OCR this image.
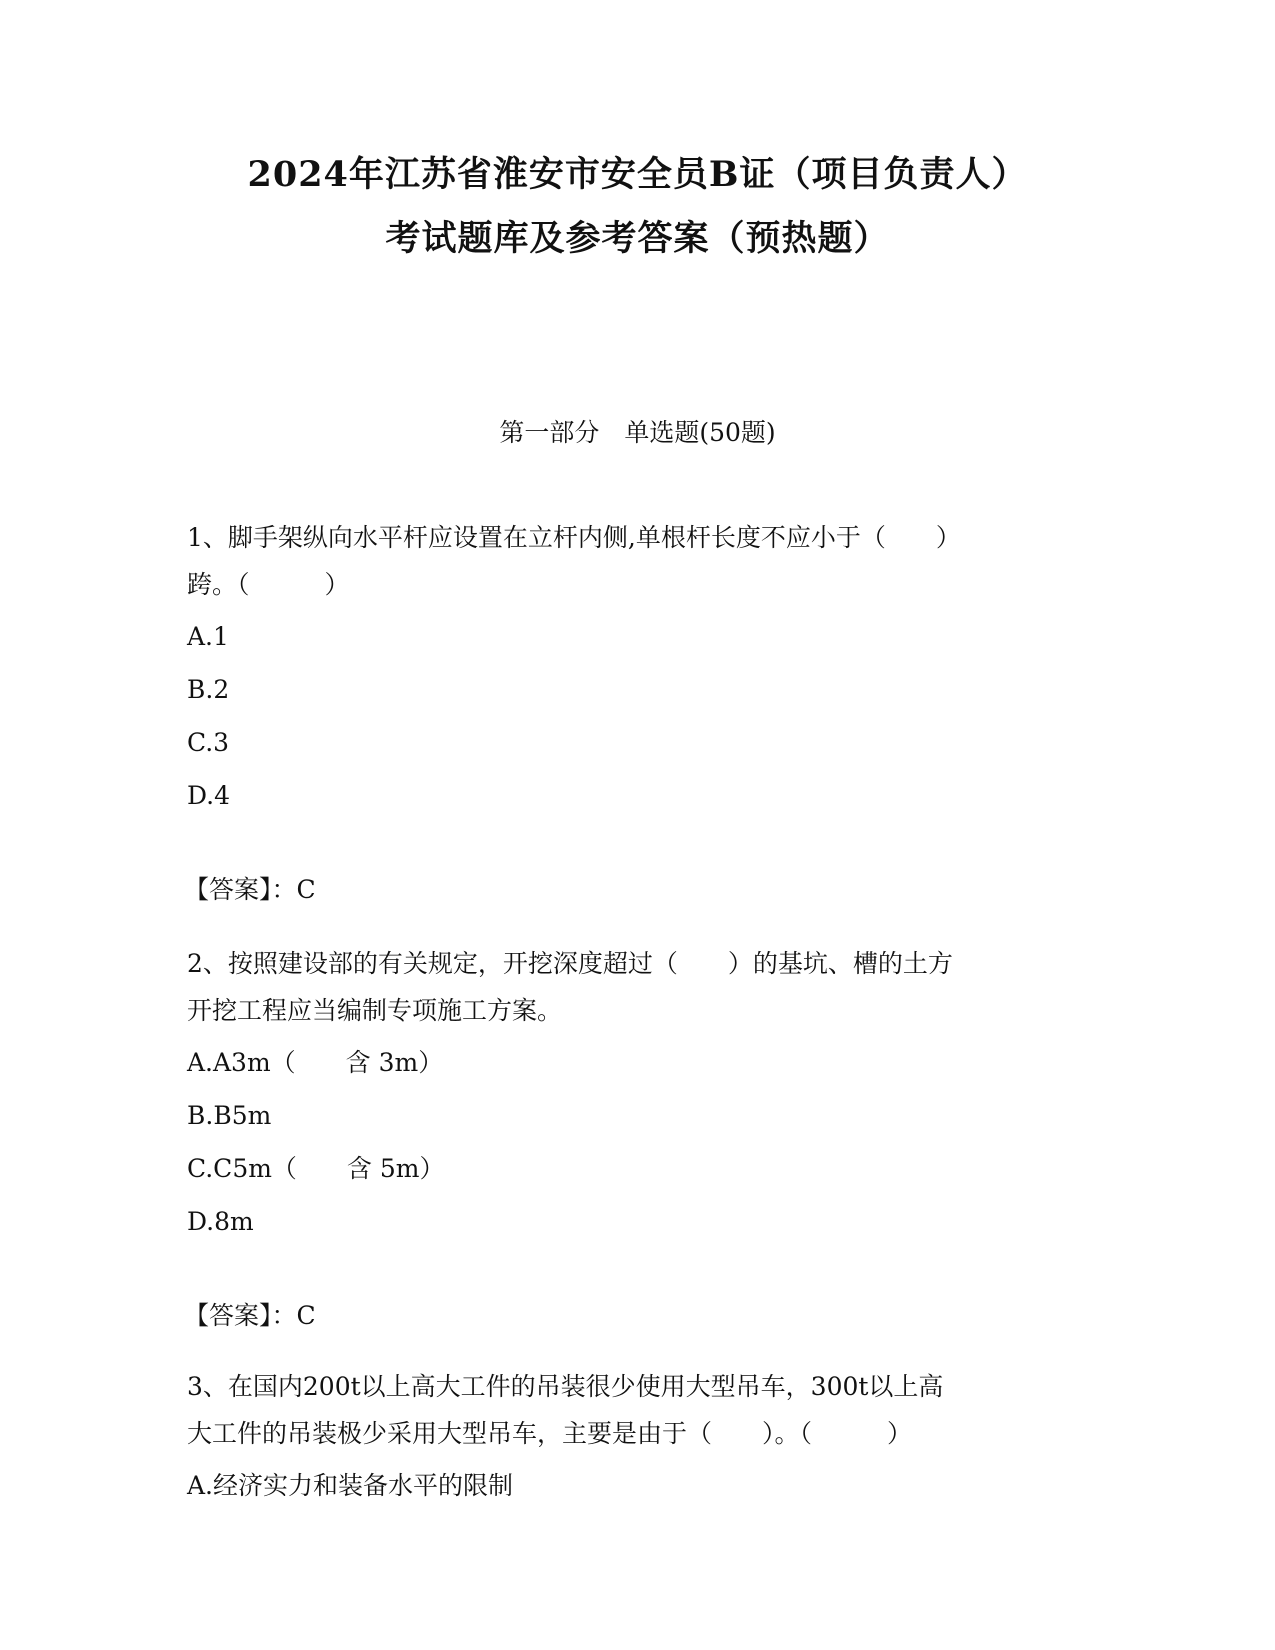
2024年江苏省淮安市安全员B证（项目负责人）
考试题库及参考答案（预热题）
第一部分　单选题(50题)

1、脚手架纵向水平杆应设置在立杆内侧,单根杆长度不应小于（　　）

跨。（　　　）

A.1

B.2

C.3

D.4

【答案】：C

2、按照建设部的有关规定，开挖深度超过（　　）的基坑、槽的土方

开挖工程应当编制专项施工方案。

A.A3m（　　含 3m）

B.B5m

C.C5m（　　含 5m）

D.8m

【答案】：C

3、在国内200t以上高大工件的吊装很少使用大型吊车，300t以上高

大工件的吊装极少采用大型吊车，主要是由于（　　）。（　　　）

A.经济实力和装备水平的限制
